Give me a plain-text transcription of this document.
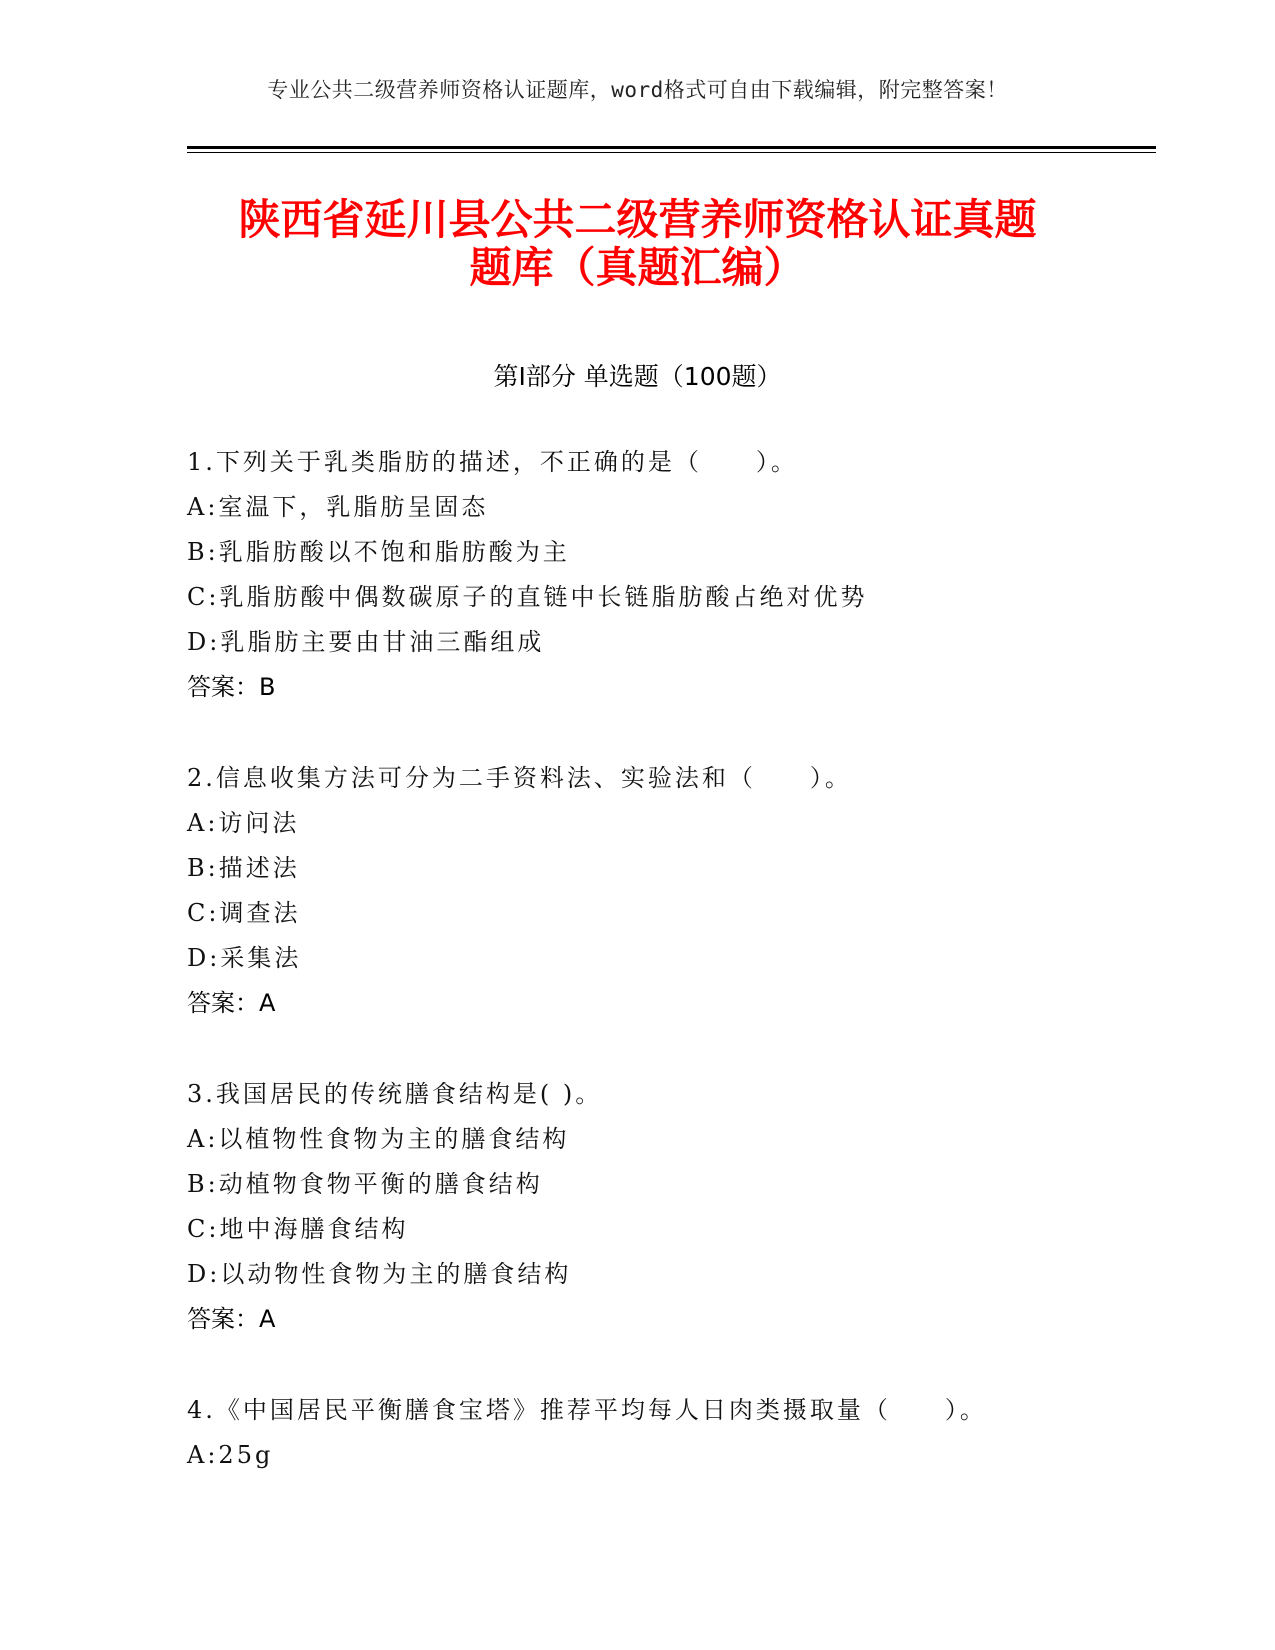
专业公共二级营养师资格认证题库，word格式可自由下载编辑，附完整答案！
陕西省延川县公共二级营养师资格认证真题
题库（真题汇编）
第Ⅰ部分 单选题（100题）
1.下列关于乳类脂肪的描述，不正确的是（　　）。
A:室温下，乳脂肪呈固态
B:乳脂肪酸以不饱和脂肪酸为主
C:乳脂肪酸中偶数碳原子的直链中长链脂肪酸占绝对优势
D:乳脂肪主要由甘油三酯组成
答案：B
2.信息收集方法可分为二手资料法、实验法和（　　）。
A:访问法
B:描述法
C:调查法
D:采集法
答案：A
3.我国居民的传统膳食结构是( )。
A:以植物性食物为主的膳食结构
B:动植物食物平衡的膳食结构
C:地中海膳食结构
D:以动物性食物为主的膳食结构
答案：A
4.《中国居民平衡膳食宝塔》推荐平均每人日肉类摄取量（　　）。
A:25g
